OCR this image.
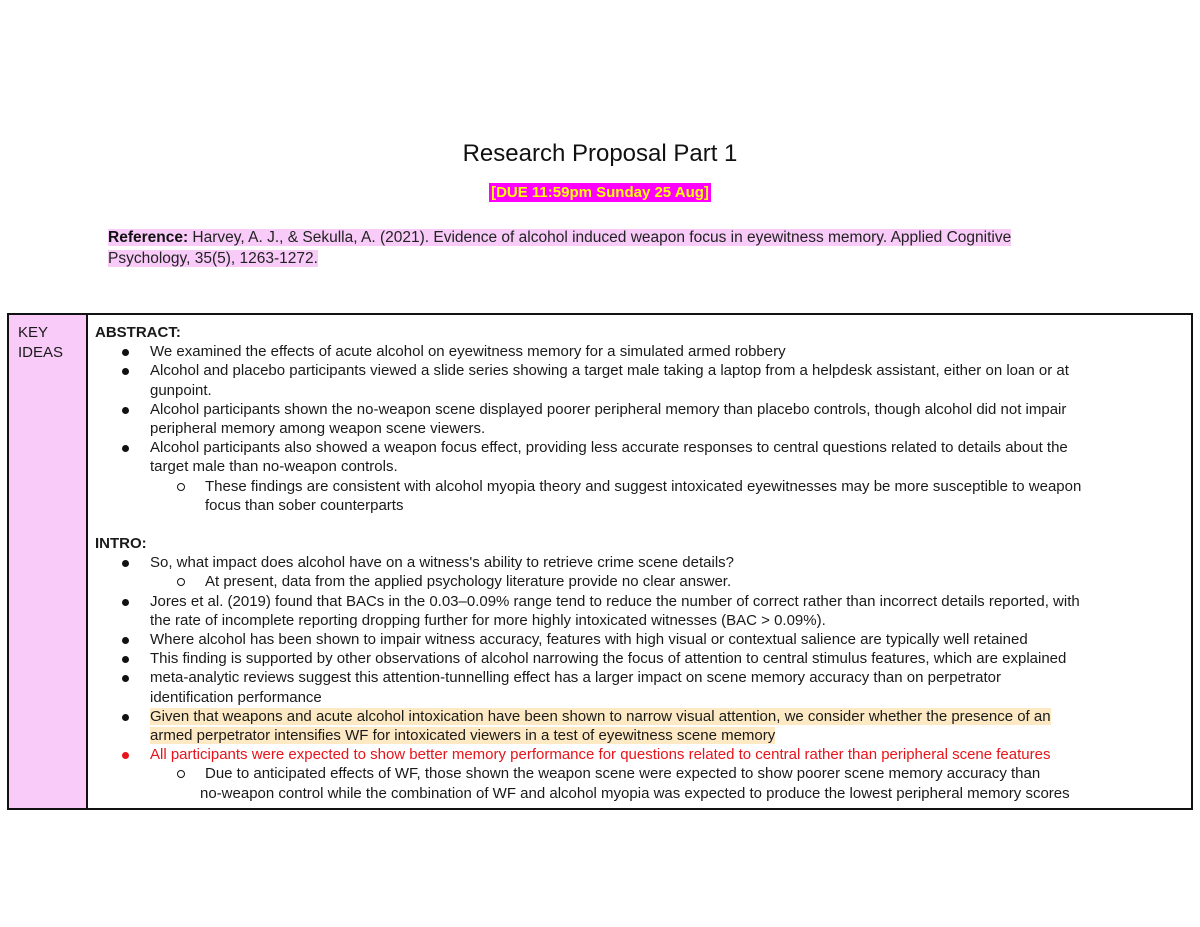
Research Proposal Part 1
[DUE 11:59pm Sunday 25 Aug]
Reference: Harvey, A. J., & Sekulla, A. (2021). Evidence of alcohol induced weapon focus in eyewitness memory. Applied Cognitive
Psychology, 35(5), 1263-1272.
KEY
IDEAS
ABSTRACT:
We examined the effects of acute alcohol on eyewitness memory for a simulated armed robbery
Alcohol and placebo participants viewed a slide series showing a target male taking a laptop from a helpdesk assistant, either on loan or at
gunpoint.
Alcohol participants shown the no-weapon scene displayed poorer peripheral memory than placebo controls, though alcohol did not impair
peripheral memory among weapon scene viewers.
Alcohol participants also showed a weapon focus effect, providing less accurate responses to central questions related to details about the
target male than no-weapon controls.
These findings are consistent with alcohol myopia theory and suggest intoxicated eyewitnesses may be more susceptible to weapon
focus than sober counterparts
INTRO:
So, what impact does alcohol have on a witness's ability to retrieve crime scene details?
At present, data from the applied psychology literature provide no clear answer.
Jores et al. (2019) found that BACs in the 0.03–0.09% range tend to reduce the number of correct rather than incorrect details reported, with
the rate of incomplete reporting dropping further for more highly intoxicated witnesses (BAC > 0.09%).
Where alcohol has been shown to impair witness accuracy, features with high visual or contextual salience are typically well retained
This finding is supported by other observations of alcohol narrowing the focus of attention to central stimulus features, which are explained
meta-analytic reviews suggest this attention-tunnelling effect has a larger impact on scene memory accuracy than on perpetrator
identification performance
Given that weapons and acute alcohol intoxication have been shown to narrow visual attention, we consider whether the presence of an
armed perpetrator intensifies WF for intoxicated viewers in a test of eyewitness scene memory
All participants were expected to show better memory performance for questions related to central rather than peripheral scene features
Due to anticipated effects of WF, those shown the weapon scene were expected to show poorer scene memory accuracy than
no-weapon control while the combination of WF and alcohol myopia was expected to produce the lowest peripheral memory scores
